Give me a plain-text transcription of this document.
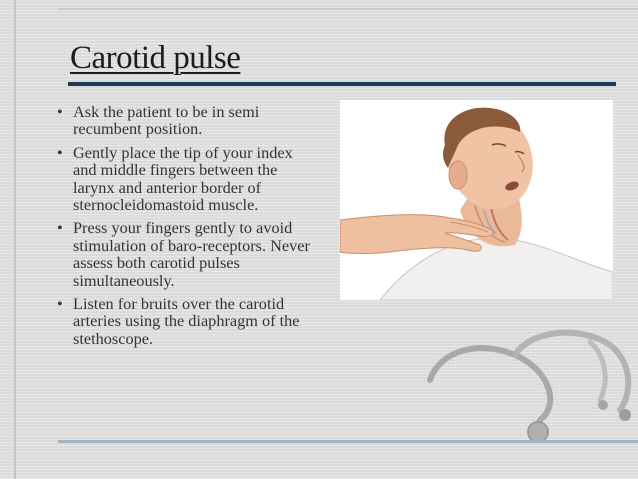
Carotid pulse
• Ask the patient to be in semi recumbent position.
• Gently place the tip of your index and middle fingers between the larynx and anterior border of sternocleidomastoid muscle.
• Press your fingers gently to avoid stimulation of baro-receptors. Never assess both carotid pulses simultaneously.
• Listen for bruits over the carotid arteries using the diaphragm of the stethoscope.
